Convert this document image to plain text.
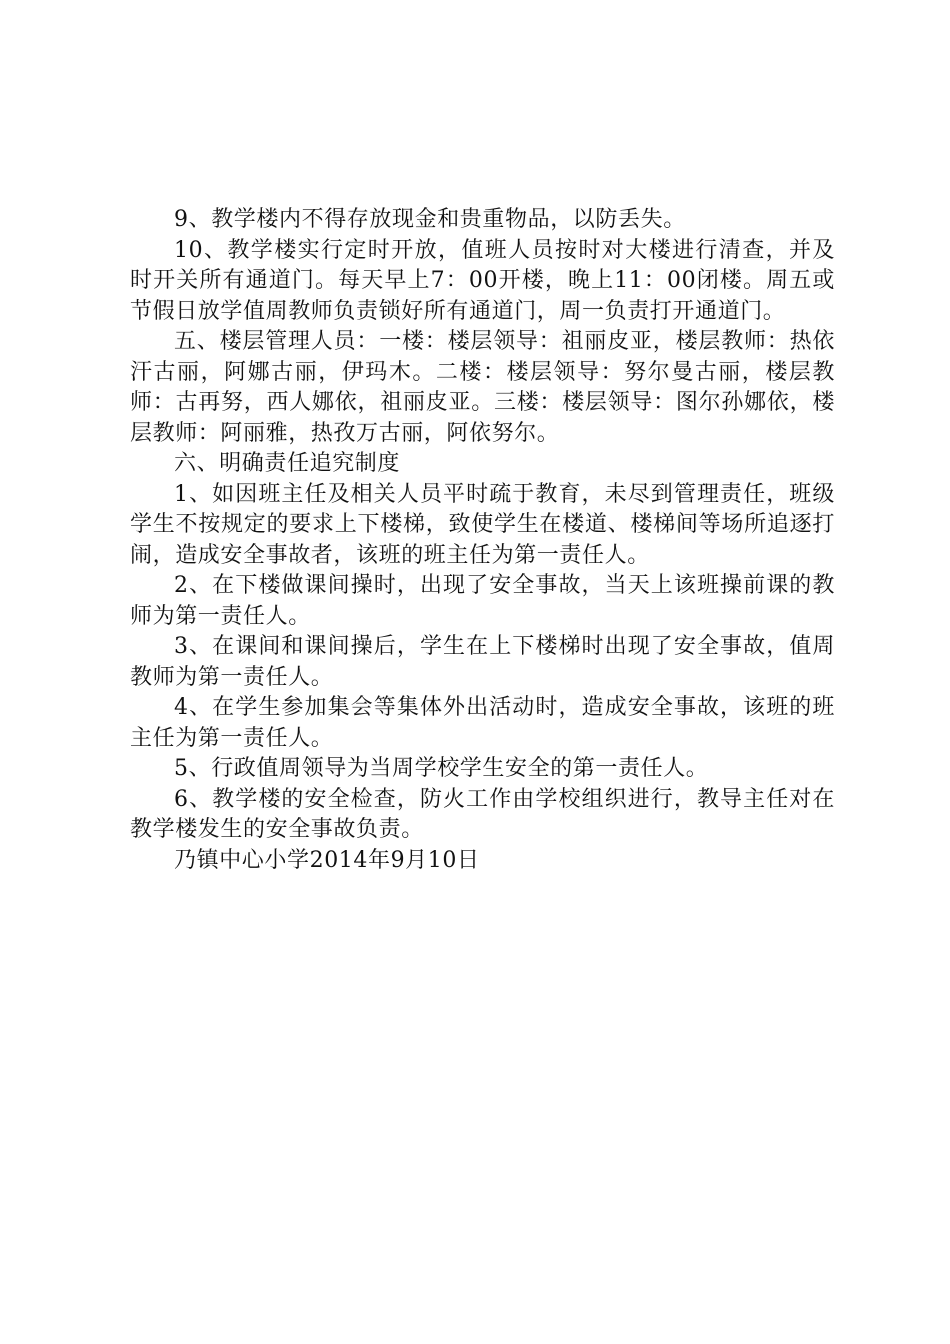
9、教学楼内不得存放现金和贵重物品，以防丢失。

10、教学楼实行定时开放，值班人员按时对大楼进行清查，并及时开关所有通道门。每天早上7：00开楼，晚上11：00闭楼。周五或节假日放学值周教师负责锁好所有通道门，周一负责打开通道门。

五、楼层管理人员：一楼：楼层领导：祖丽皮亚，楼层教师：热依汗古丽，阿娜古丽，伊玛木。二楼：楼层领导：努尔曼古丽，楼层教师：古再努，西人娜依，祖丽皮亚。三楼：楼层领导：图尔孙娜依，楼层教师：阿丽雅，热孜万古丽，阿依努尔。

六、明确责任追究制度

1、如因班主任及相关人员平时疏于教育，未尽到管理责任，班级学生不按规定的要求上下楼梯，致使学生在楼道、楼梯间等场所追逐打闹，造成安全事故者，该班的班主任为第一责任人。

2、在下楼做课间操时，出现了安全事故，当天上该班操前课的教师为第一责任人。

3、在课间和课间操后，学生在上下楼梯时出现了安全事故，值周教师为第一责任人。

4、在学生参加集会等集体外出活动时，造成安全事故，该班的班主任为第一责任人。

5、行政值周领导为当周学校学生安全的第一责任人。

6、教学楼的安全检查，防火工作由学校组织进行，教导主任对在教学楼发生的安全事故负责。

乃镇中心小学2014年9月10日
